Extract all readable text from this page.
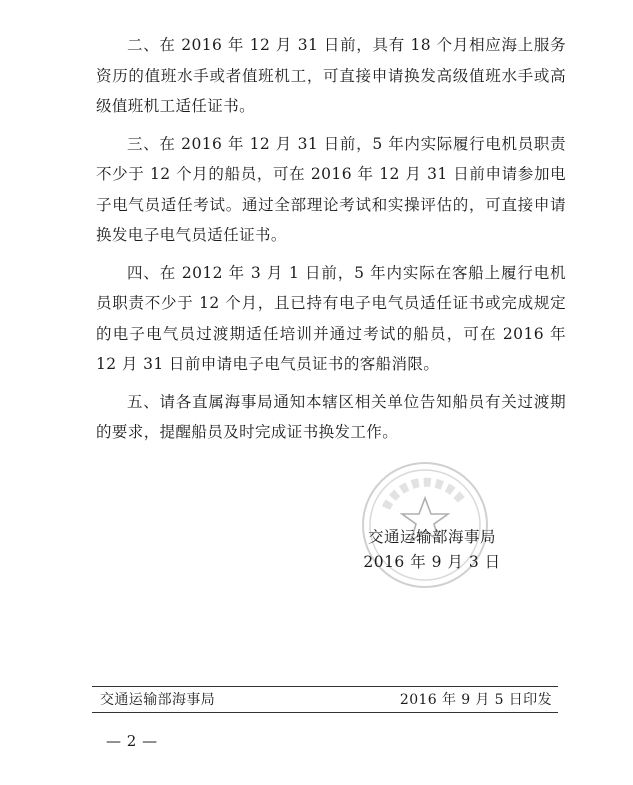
二、在 2016 年 12 月 31 日前，具有 18 个月相应海上服务资历的值班水手或者值班机工，可直接申请换发高级值班水手或高级值班机工适任证书。

三、在 2016 年 12 月 31 日前，5 年内实际履行电机员职责不少于 12 个月的船员，可在 2016 年 12 月 31 日前申请参加电子电气员适任考试。通过全部理论考试和实操评估的，可直接申请换发电子电气员适任证书。

四、在 2012 年 3 月 1 日前，5 年内实际在客船上履行电机员职责不少于 12 个月，且已持有电子电气员适任证书或完成规定的电子电气员过渡期适任培训并通过考试的船员，可在 2016 年 12 月 31 日前申请电子电气员证书的客船消限。

五、请各直属海事局通知本辖区相关单位告知船员有关过渡期的要求，提醒船员及时完成证书换发工作。

交通运输部海事局
2016 年 9 月 3 日
交通运输部海事局	2016 年 9 月 5 日印发
— 2 —
